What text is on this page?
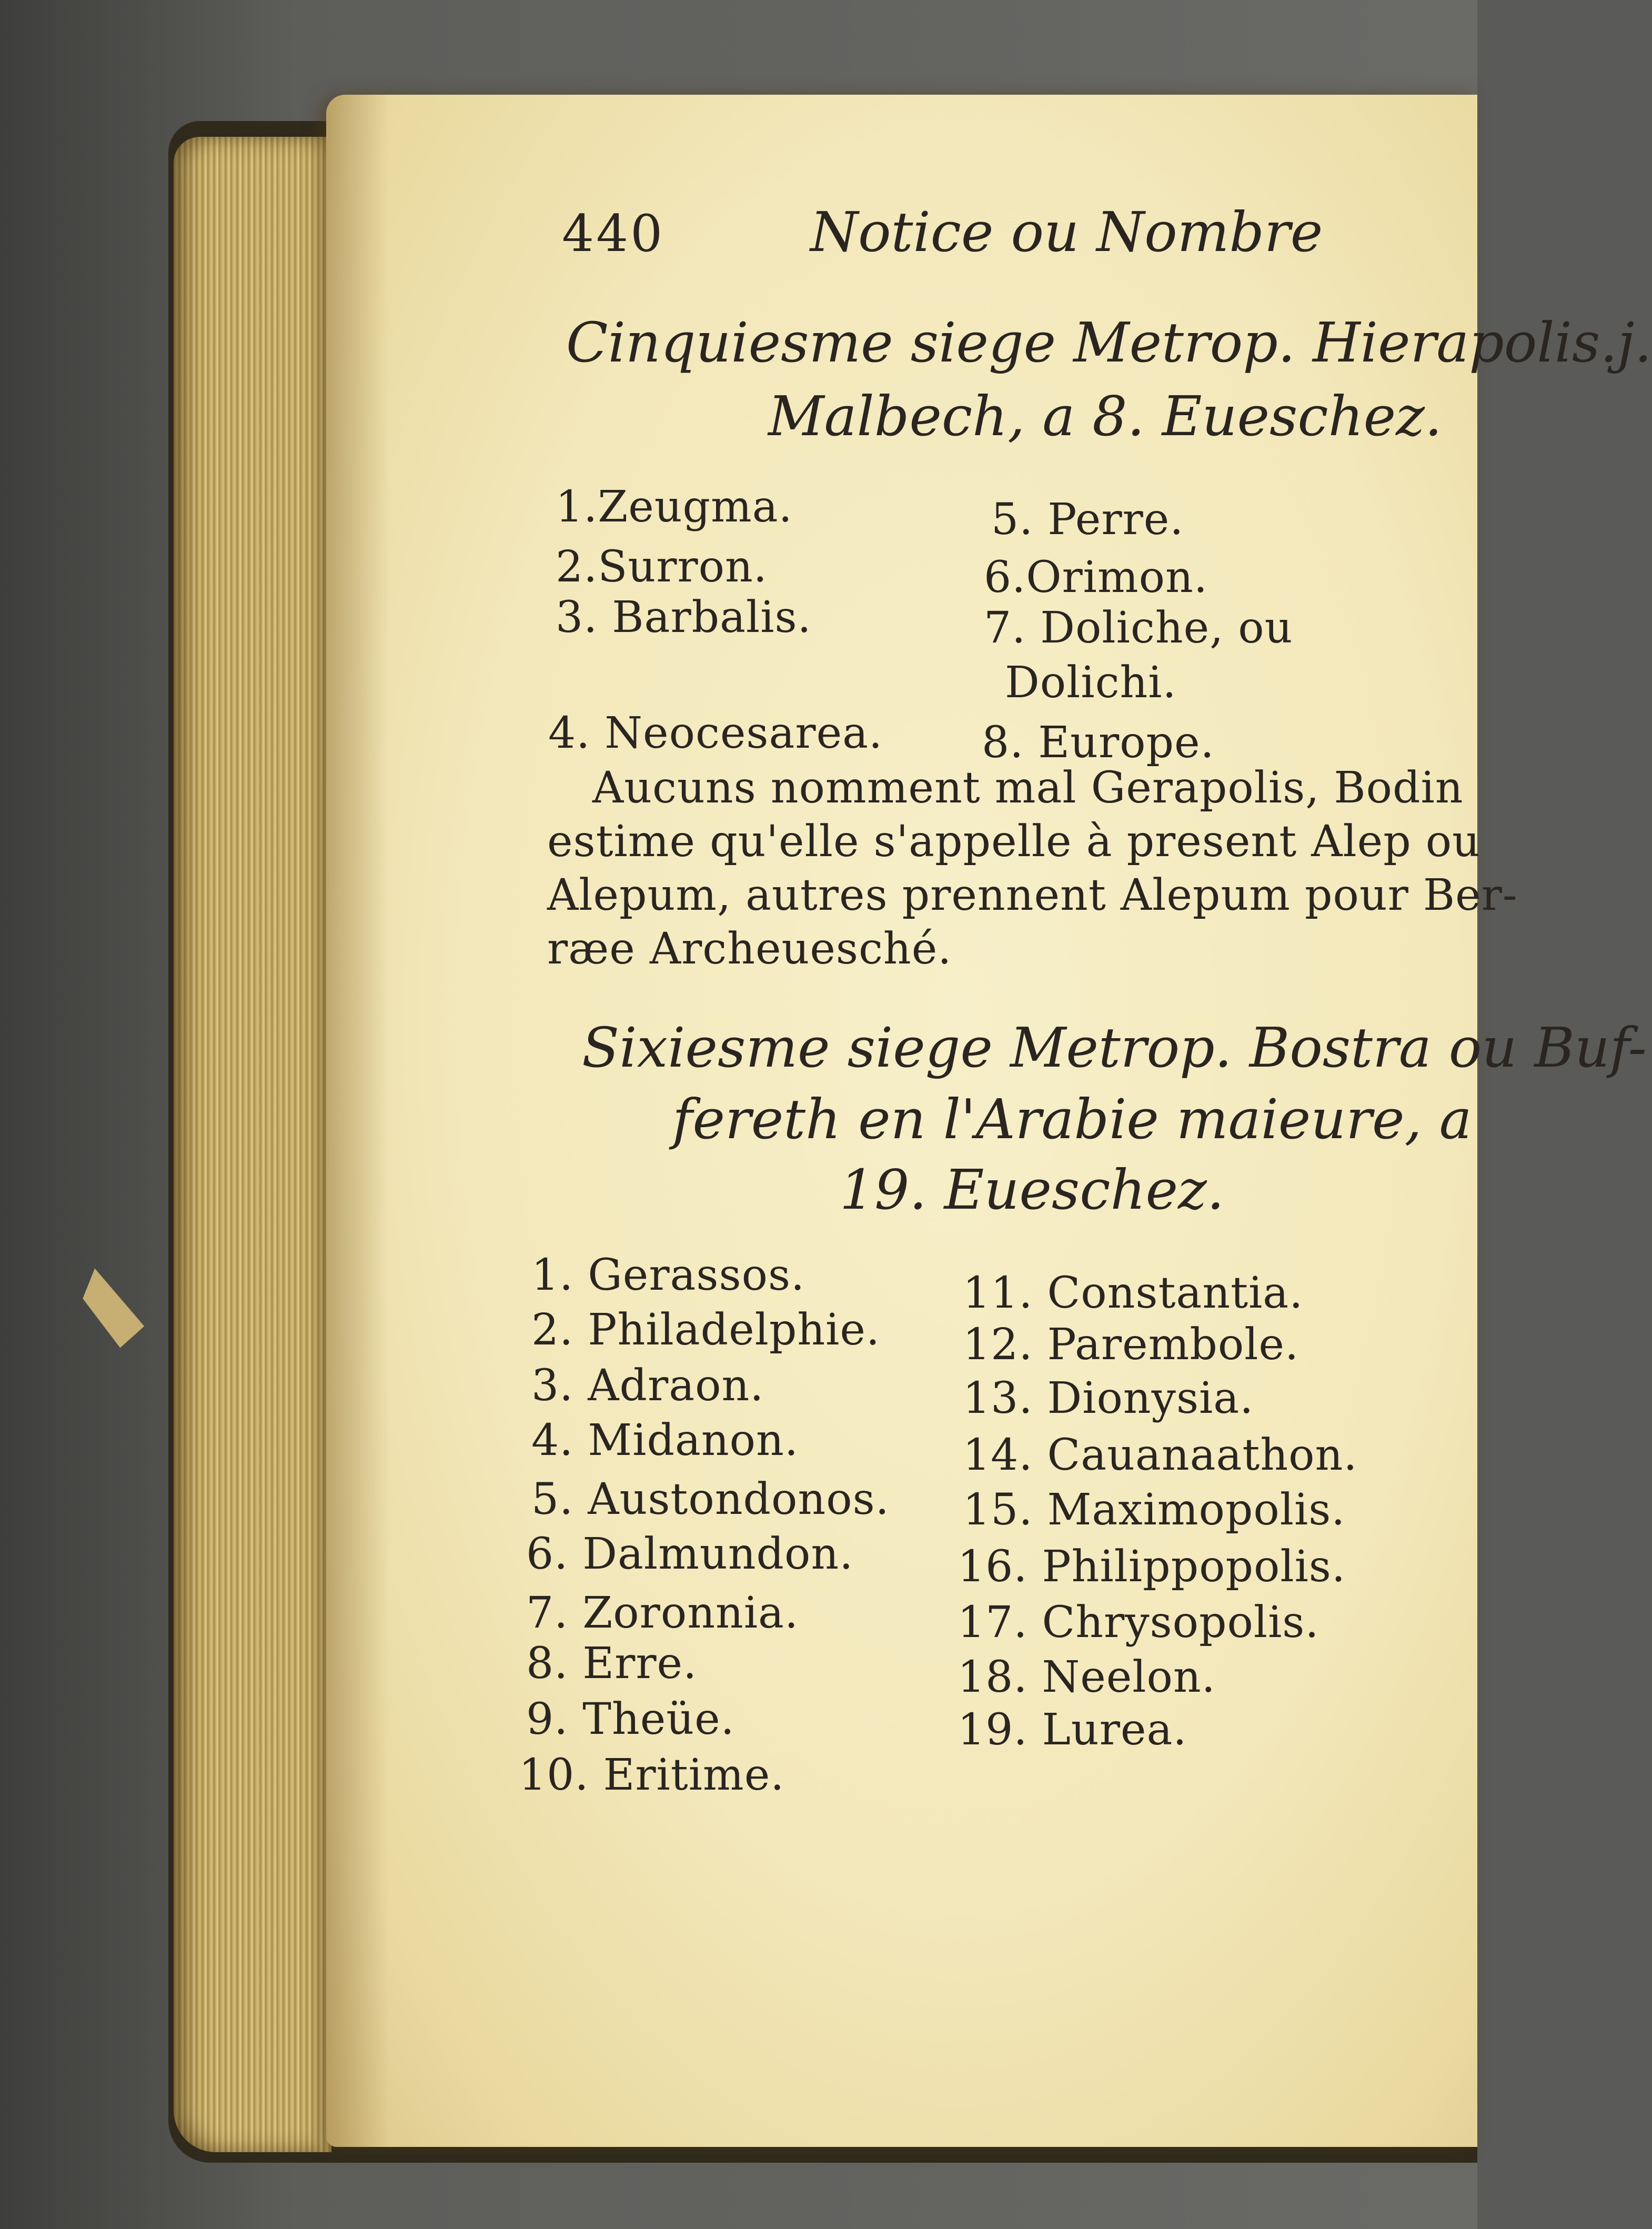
440	Notice ou Nombre

Cinquiesme siege Metrop. Hierapolis.j.

Malbech, a 8. Eueschez.

1.Zeugma.

2.Surron.

3. Barbalis.

4. Neocesarea.

5. Perre.

6.Orimon.

7. Doliche, ou

Dolichi.

8. Europe.

Aucuns nomment mal Gerapolis, Bodin

estime qu'elle s'appelle à present Alep ou

Alepum, autres prennent Alepum pour Ber-

ræe Archeuesché.

Sixiesme siege Metrop. Bostra ou Buf-

fereth en l'Arabie maieure, a

19. Eueschez.

1. Gerassos.

2. Philadelphie.

3. Adraon.

4. Midanon.

5. Austondonos.

6. Dalmundon.

7. Zoronnia.

8. Erre.

9. Theüe.

10. Eritime.

11. Constantia.

12. Parembole.

13. Dionysia.

14. Cauanaathon.

15. Maximopolis.

16. Philippopolis.

17. Chrysopolis.

18. Neelon.

19. Lurea.
